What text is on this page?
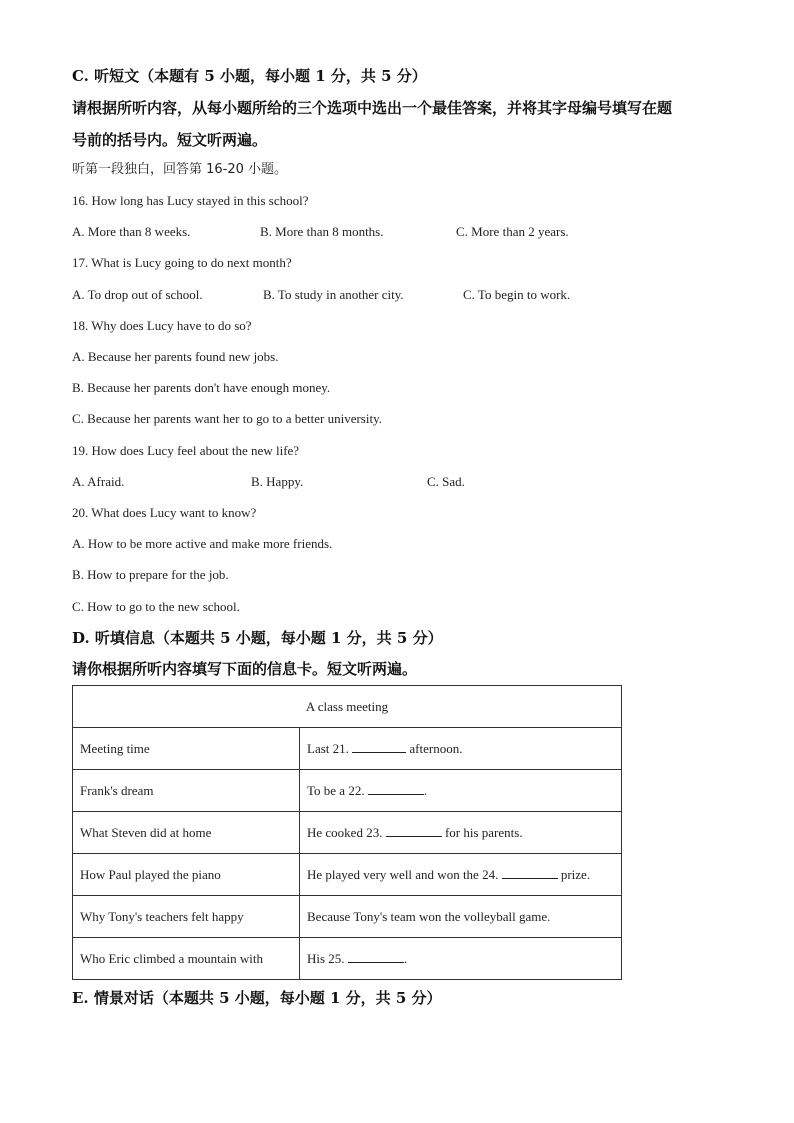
C. 听短文（本题有 5 小题，每小题 1 分，共 5 分）
请根据所听内容，从每小题所给的三个选项中选出一个最佳答案，并将其字母编号填写在题
号前的括号内。短文听两遍。
听第一段独白，回答第 16-20 小题。
16. How long has Lucy stayed in this school?
A. More than 8 weeks.	B. More than 8 months.	C. More than 2 years.
17. What is Lucy going to do next month?
A. To drop out of school.	B. To study in another city.	C. To begin to work.
18. Why does Lucy have to do so?
A. Because her parents found new jobs.
B. Because her parents don't have enough money.
C. Because her parents want her to go to a better university.
19. How does Lucy feel about the new life?
A. Afraid.	B. Happy.	C. Sad.
20. What does Lucy want to know?
A. How to be more active and make more friends.
B. How to prepare for the job.
C. How to go to the new school.
D. 听填信息（本题共 5 小题，每小题 1 分，共 5 分）
请你根据所听内容填写下面的信息卡。短文听两遍。
A class meeting	
Meeting time	Last 21. afternoon.
Frank's dream	To be a 22. .
What Steven did at home	He cooked 23. for his parents.
How Paul played the piano	He played very well and won the 24. prize.
Why Tony's teachers felt happy	Because Tony's team won the volleyball game.
Who Eric climbed a mountain with	His 25. .
E. 情景对话（本题共 5 小题，每小题 1 分，共 5 分）
